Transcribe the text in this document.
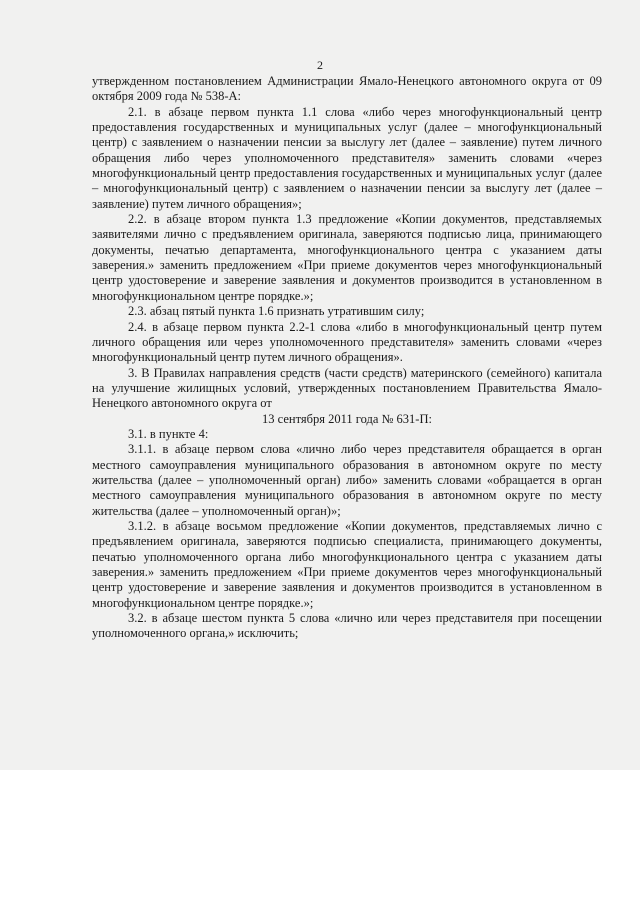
2

утвержденном постановлением Администрации Ямало-Ненецкого автономного округа от 09 октября 2009 года № 538-А:

2.1. в абзаце первом пункта 1.1 слова «либо через многофункциональный центр предоставления государственных и муниципальных услуг (далее – многофункциональный центр) с заявлением о назначении пенсии за выслугу лет (далее – заявление) путем личного обращения либо через уполномоченного представителя» заменить словами «через многофункциональный центр предоставления государственных и муниципальных услуг (далее – многофункциональный центр) с заявлением о назначении пенсии за выслугу лет (далее – заявление) путем личного обращения»;

2.2. в абзаце втором пункта 1.3 предложение «Копии документов, представляемых заявителями лично с предъявлением оригинала, заверяются подписью лица, принимающего документы, печатью департамента, многофункционального центра с указанием даты заверения.» заменить предложением «При приеме документов через многофункциональный центр удостоверение и заверение заявления и документов производится в установленном в многофункциональном центре порядке.»;

2.3. абзац пятый пункта 1.6 признать утратившим силу;

2.4. в абзаце первом пункта 2.2-1 слова «либо в многофункциональный центр путем личного обращения или через уполномоченного представителя» заменить словами «через многофункциональный центр путем личного обращения».

3. В Правилах направления средств (части средств) материнского (семейного) капитала на улучшение жилищных условий, утвержденных постановлением Правительства Ямало-Ненецкого автономного округа от

13 сентября 2011 года № 631-П:

3.1. в пункте 4:

3.1.1. в абзаце первом слова «лично либо через представителя обращается в орган местного самоуправления муниципального образования в автономном округе по месту жительства (далее – уполномоченный орган) либо» заменить словами «обращается в орган местного самоуправления муниципального образования в автономном округе по месту жительства (далее – уполномоченный орган)»;

3.1.2. в абзаце восьмом предложение «Копии документов, представляемых лично с предъявлением оригинала, заверяются подписью специалиста, принимающего документы, печатью уполномоченного органа либо многофункционального центра с указанием даты заверения.» заменить предложением «При приеме документов через многофункциональный центр удостоверение и заверение заявления и документов производится в установленном в многофункциональном центре порядке.»;

3.2. в абзаце шестом пункта 5 слова «лично или через представителя при посещении уполномоченного органа,» исключить;
